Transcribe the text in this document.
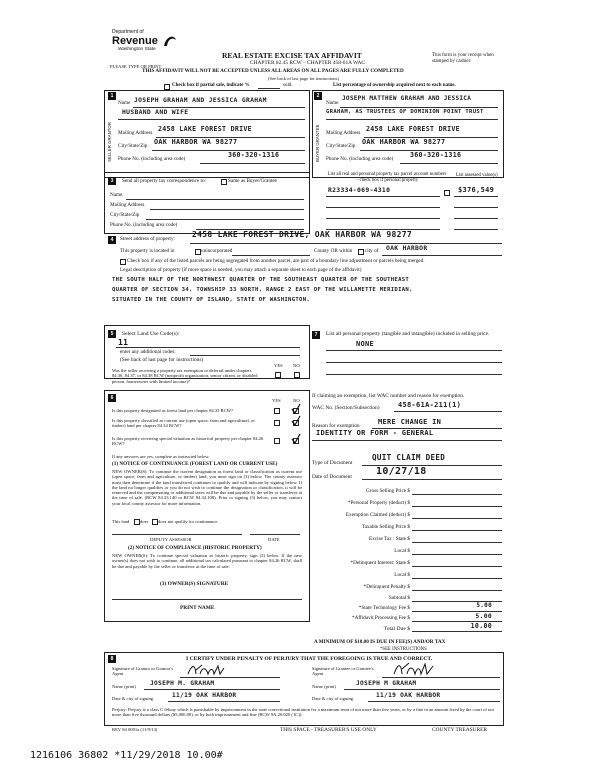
Department of
Revenue
Washington State
PLEASE TYPE OR PRINT
REAL ESTATE EXCISE TAX AFFIDAVIT
CHAPTER 82.45 RCW – CHAPTER 458-61A WAC
This form is your receipt when stamped by cashier.
THIS AFFIDAVIT WILL NOT BE ACCEPTED UNLESS ALL AREAS ON ALL PAGES ARE FULLY COMPLETED
(See back of last page for instructions)
Check box if partial sale, indicate %	sold.	List percentage of ownership acquired next to each name.
1
SELLER GRANTOR
Name JOSEPH GRAHAM AND JESSICA GRAHAM
HUSBAND AND WIFE
Mailing Address 2458 LAKE FOREST DRIVE
City/State/Zip OAK HARBOR WA 98277
Phone No. (including area code)	360-320-1316
2
BUYER GRANTEE
Name
JOSEPH MATTHEW GRAHAM AND JESSICA
GRAHAM, AS TRUSTEES OF DOMINION POINT TRUST
Mailing Address 2458 LAKE FOREST DRIVE
City/State/Zip OAK HARBOR WA 98277
Phone No. (including area code)	360-320-1316
3	Send all property tax correspondence to:	Same as Buyer/Grantee
Name
Mailing Address
City/State/Zip
Phone No. (including area code)
List all real and personal property tax parcel account numbers – check box if personal property
List assessed value(s)
R23334-069-4310	$376,549
4	Street address of property: 2458 LAKE FOREST DRIVE, OAK HARBOR WA 98277
This property is located in	unincorporated	County OR within city of OAK HARBOR
Check box if any of the listed parcels are being segregated from another parcel, are part of a boundary line adjustment or parcels being merged.
Legal description of property (if more space is needed, you may attach a separate sheet to each page of the affidavit)
THE SOUTH HALF OF THE NORTHWEST QUARTER OF THE SOUTHEAST QUARTER OF THE SOUTHEAST
QUARTER OF SECTION 34, TOWNSHIP 33 NORTH, RANGE 2 EAST OF THE WILLAMETTE MERIDIAN,
SITUATED IN THE COUNTY OF ISLAND, STATE OF WASHINGTON.
5	Select Land Use Code(s):
11
enter any additional codes:
(See back of last page for instructions)
YES NO
Was the seller receiving a property tax exemption or deferral under chapters 84.36, 84.37, or 84.38 RCW (nonprofit organization, senior citizen, or disabled person, homeowner with limited income)?
6	YES	NO
Is this property designated as forest land per chapter 84.33 RCW?
Is this property classified as current use (open space, farm and agricultural, or timber) land per chapter 84.34 RCW?
Is this property receiving special valuation as historical property per chapter 84.26 RCW?
If any answers are yes, complete as instructed below.
(1) NOTICE OF CONTINUANCE (FOREST LAND OR CURRENT USE)
NEW OWNER(S): To continue the current designation as forest land or classification as current use (open space, farm and agriculture, or timber) land, you must sign on (3) below. The county assessor must then determine if the land transferred continues to qualify and will indicate by signing below. If the land no longer qualifies or you do not wish to continue the designation or classification, it will be removed and the compensating or additional taxes will be due and payable by the seller or transferor at the time of sale. (RCW 84.33.140 or RCW 84.34.108). Prior to signing (3) below, you may contact your local county assessor for more information.
This land does does not qualify for continuance.
DEPUTY ASSESSOR	DATE
(2) NOTICE OF COMPLIANCE (HISTORIC PROPERTY)
NEW OWNER(S): To continue special valuation as historic property, sign (3) below. If the new owner(s) does not wish to continue, all additional tax calculated pursuant to chapter 84.26 RCW, shall be due and payable by the seller or transferor at the time of sale.
(3) OWNER(S) SIGNATURE
PRINT NAME
7	List all personal property (tangible and intangible) included in selling price.
NONE
If claiming an exemption, list WAC number and reason for exemption.
WAC No. (Section/Subsection)	458-61A-211(1)
Reason for exemption	MERE CHANGE IN
IDENTITY OR FORM - GENERAL
Type of Document
QUIT CLAIM DEED
Date of Document 10/27/18
Gross Selling Price $
*Personal Property (deduct) $
Exemption Claimed (deduct) $
Taxable Selling Price $
Excise Tax : State $
Local $
*Delinquent Interest: State $
Local $
*Delinquent Penalty $
Subtotal $
*State Technology Fee $	5.00
*Affidavit Processing Fee $	5.00
Total Due $	10.00
A MINIMUM OF $10.00 IS DUE IN FEE(S) AND/OR TAX
*SEE INSTRUCTIONS
8	I CERTIFY UNDER PENALTY OF PERJURY THAT THE FOREGOING IS TRUE AND CORRECT.
Signature of Grantor or Grantor's Agent
Name (print) JOSEPH M. GRAHAM
Date & city of signing	11/19 OAK HARBOR
Signature of Grantee or Grantee's Agent
Name (print)	JOSEPH M GRAHAM
Date & city of signing	11/19 OAK HARBOR
Perjury: Perjury is a class C felony which is punishable by imprisonment in the state correctional institution for a maximum term of not more than five years, or by a fine in an amount fixed by the court of not more than five thousand dollars ($5,000.00), or by both imprisonment and fine (RCW 9A.20.020 (1C)).
REV 84 0001a (11/9/13)	THIS SPACE - TREASURER'S USE ONLY	COUNTY TREASURER
1216106 36802 *11/29/2018 10.00#
